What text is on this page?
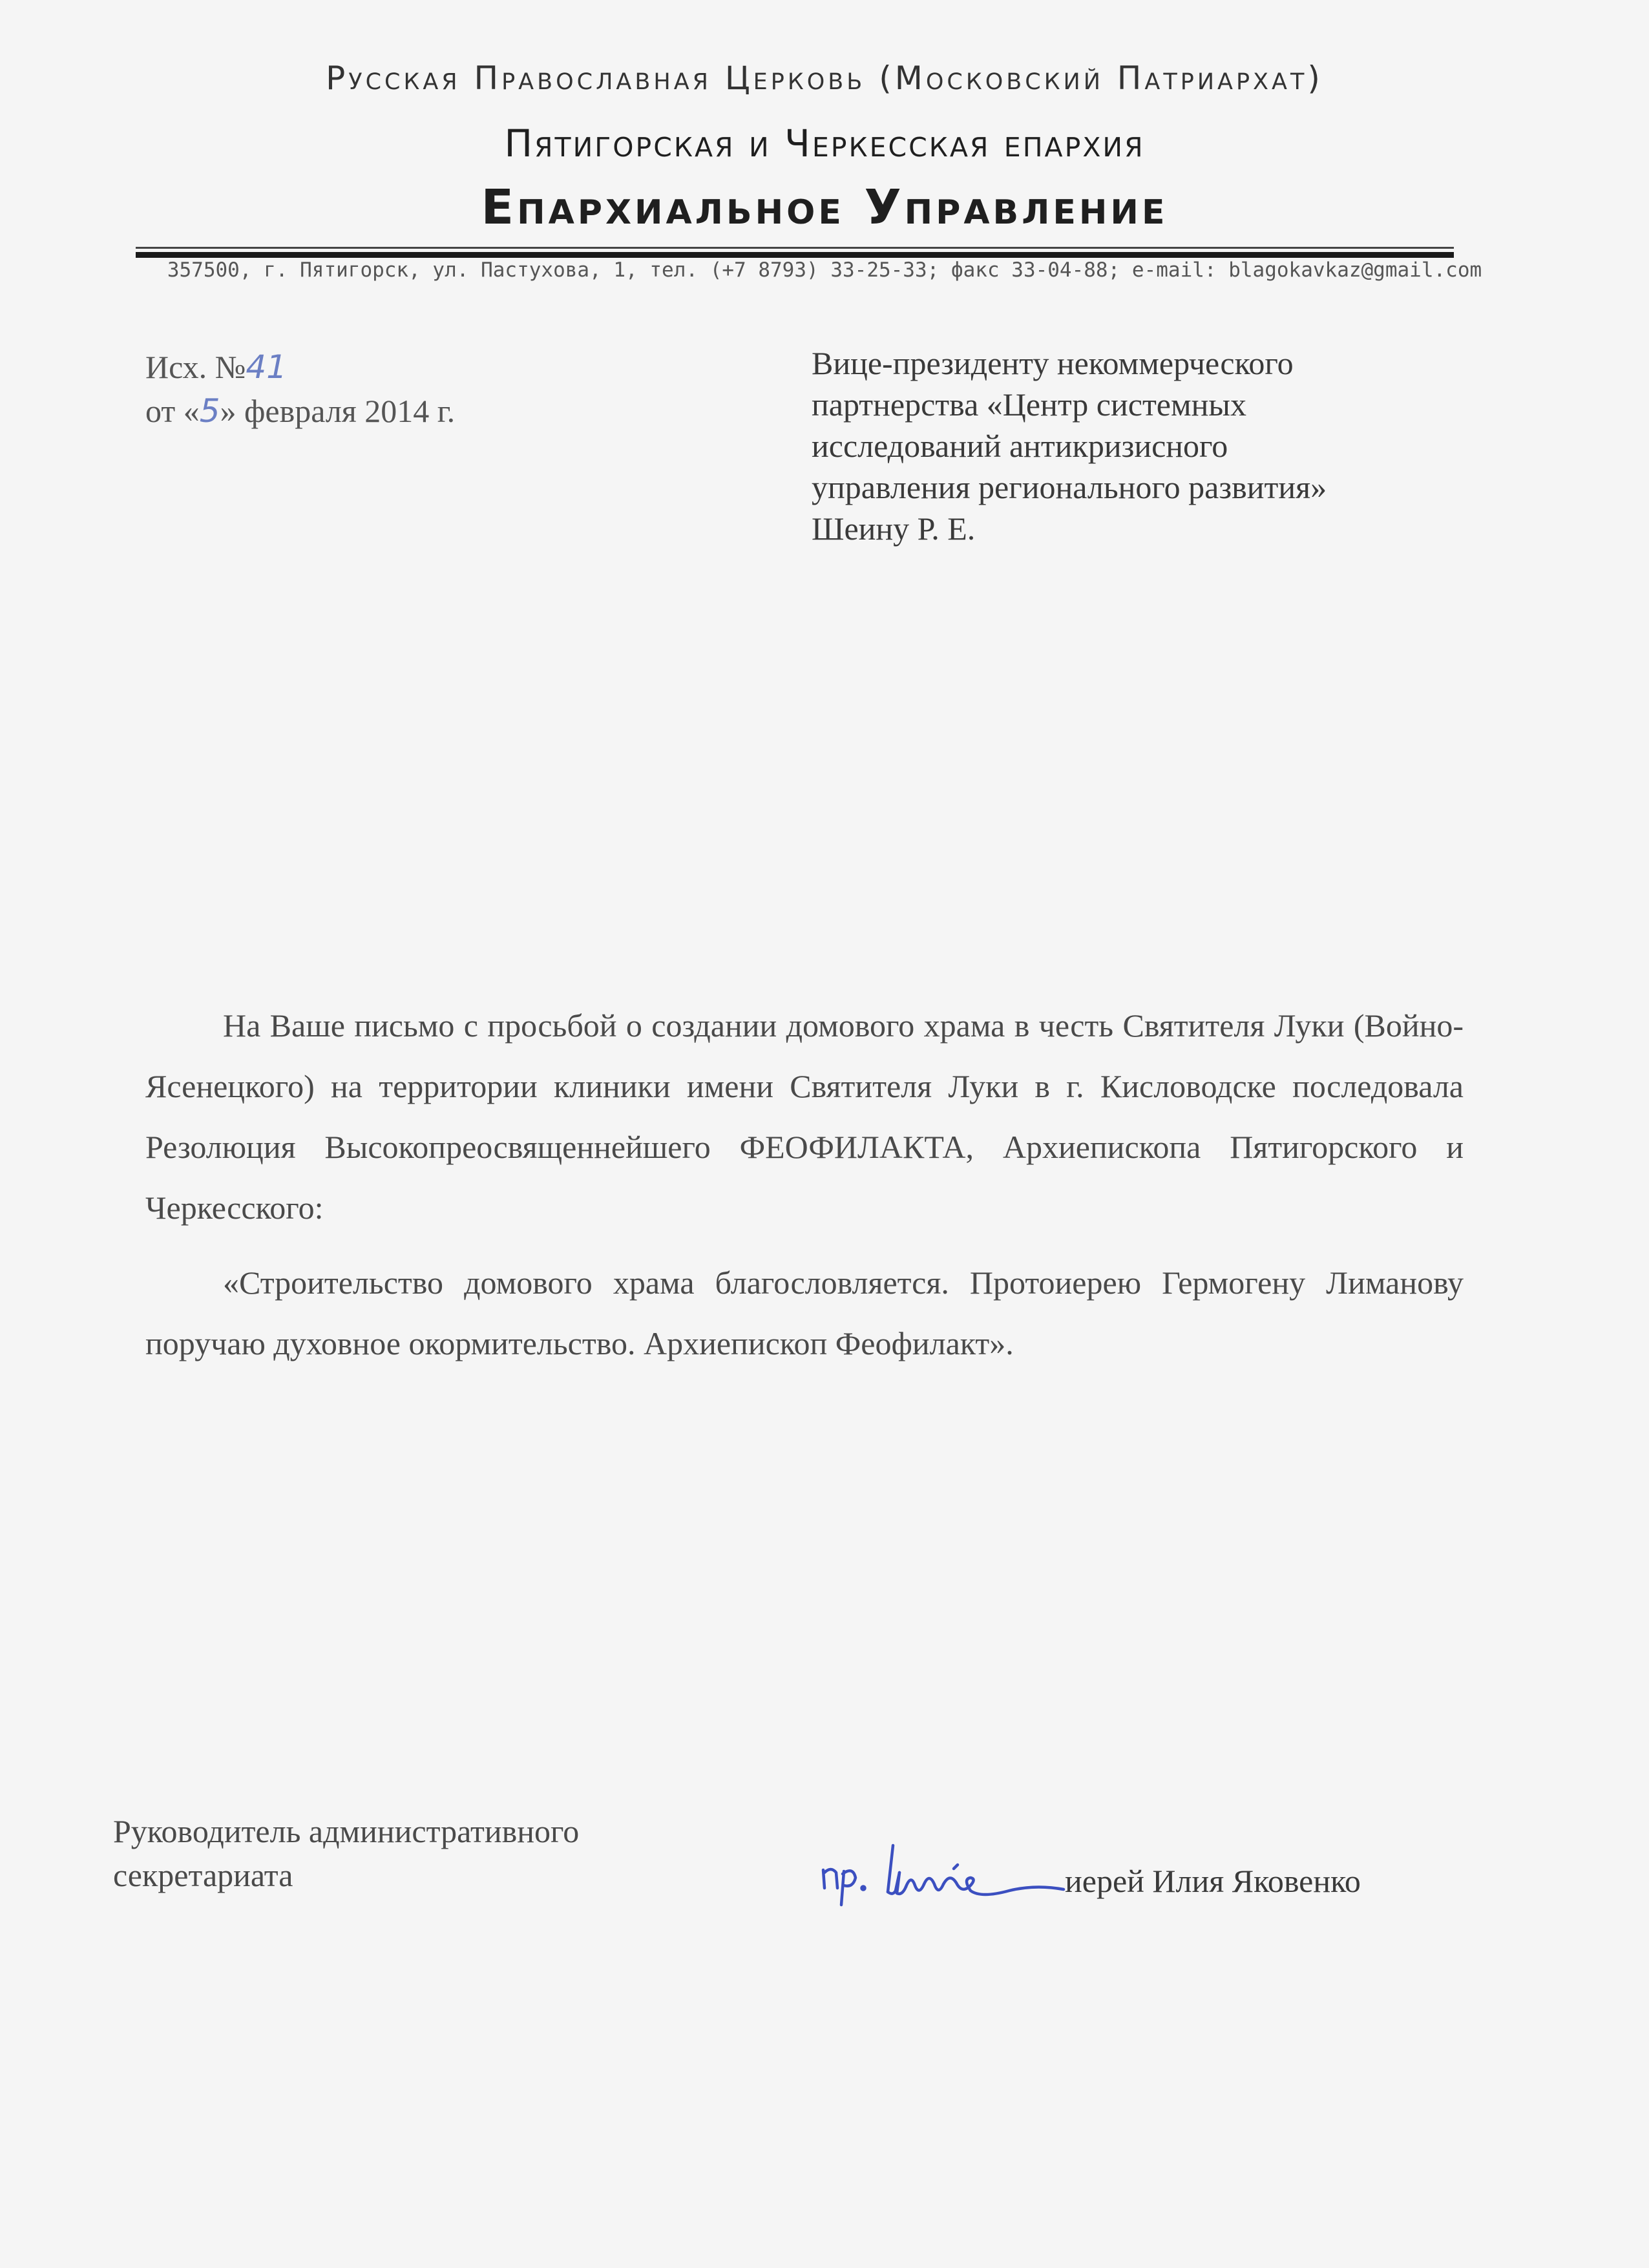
Русская Православная Церковь (Московский Патриархат)
Пятигорская и Черкесская епархия
Епархиальное Управление
357500, г. Пятигорск, ул. Пастухова, 1, тел. (+7 8793) 33-25-33; факс 33-04-88; e-mail: blagokavkaz@gmail.com
Исх. №41
от «5» февраля 2014 г.
Вице-президенту некоммерческого
партнерства «Центр системных
исследований антикризисного
управления регионального развития»
Шеину Р. Е.

На Ваше письмо с просьбой о создании домового храма в честь Святителя Луки (Войно-Ясенецкого) на территории клиники имени Святителя Луки в г. Кисловодске последовала Резолюция Высокопреосвященнейшего ФЕОФИЛАКТА, Архиепископа Пятигорского и Черкесского:

«Строительство домового храма благословляется. Протоиерею Гермогену Лиманову поручаю духовное окормительство. Архиепископ Феофилакт».

Руководитель административного
секретариата	иерей Илия Яковенко
